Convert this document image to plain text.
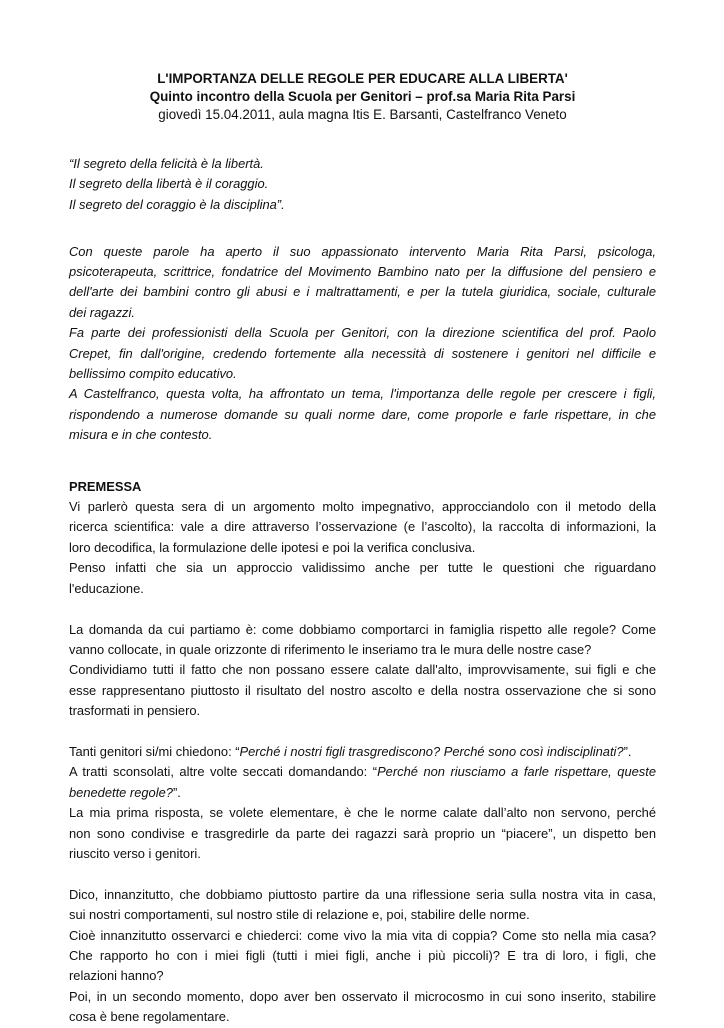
L'IMPORTANZA DELLE REGOLE PER EDUCARE ALLA LIBERTA'
Quinto incontro della Scuola per Genitori – prof.sa Maria Rita Parsi
giovedì 15.04.2011, aula magna Itis E. Barsanti, Castelfranco Veneto
“Il segreto della felicità è la libertà.
Il segreto della libertà è il coraggio.
Il segreto del coraggio è la disciplina”.
Con queste parole ha aperto il suo appassionato intervento Maria Rita Parsi, psicologa,
psicoterapeuta, scrittrice, fondatrice del Movimento Bambino nato per la diffusione del pensiero e
dell'arte dei bambini contro gli abusi e i maltrattamenti, e per la tutela giuridica, sociale, culturale
dei ragazzi.
Fa parte dei professionisti della Scuola per Genitori, con la direzione scientifica del prof. Paolo
Crepet, fin dall'origine, credendo fortemente alla necessità di sostenere i genitori nel difficile e
bellissimo compito educativo.
A Castelfranco, questa volta, ha affrontato un tema, l'importanza delle regole per crescere i figli,
rispondendo a numerose domande su quali norme dare, come proporle e farle rispettare, in che
misura e in che contesto.
PREMESSA
Vi parlerò questa sera di un argomento molto impegnativo, approcciandolo con il metodo della
ricerca scientifica: vale a dire attraverso l’osservazione (e l’ascolto), la raccolta di informazioni, la
loro decodifica, la formulazione delle ipotesi e poi la verifica conclusiva.
Penso infatti che sia un approccio validissimo anche per tutte le questioni che riguardano
l'educazione.
La domanda da cui partiamo è: come dobbiamo comportarci in famiglia rispetto alle regole? Come
vanno collocate, in quale orizzonte di riferimento le inseriamo tra le mura delle nostre case?
Condividiamo tutti il fatto che non possano essere calate dall'alto, improvvisamente, sui figli e che
esse rappresentano piuttosto il risultato del nostro ascolto e della nostra osservazione che si sono
trasformati in pensiero.
Tanti genitori si/mi chiedono: “Perché i nostri figli trasgrediscono? Perché sono così indisciplinati?”.
A tratti sconsolati, altre volte seccati domandando: “Perché non riusciamo a farle rispettare, queste
benedette regole?”.
La mia prima risposta, se volete elementare, è che le norme calate dall’alto non servono, perché
non sono condivise e trasgredirle da parte dei ragazzi sarà proprio un “piacere”, un dispetto ben
riuscito verso i genitori.
Dico, innanzitutto, che dobbiamo piuttosto partire da una riflessione seria sulla nostra vita in casa,
sui nostri comportamenti, sul nostro stile di relazione e, poi, stabilire delle norme.
Cioè innanzitutto osservarci e chiederci: come vivo la mia vita di coppia? Come sto nella mia casa?
Che rapporto ho con i miei figli (tutti i miei figli, anche i più piccoli)? E tra di loro, i figli, che
relazioni hanno?
Poi, in un secondo momento, dopo aver ben osservato il microcosmo in cui sono inserito, stabilire
cosa è bene regolamentare.
